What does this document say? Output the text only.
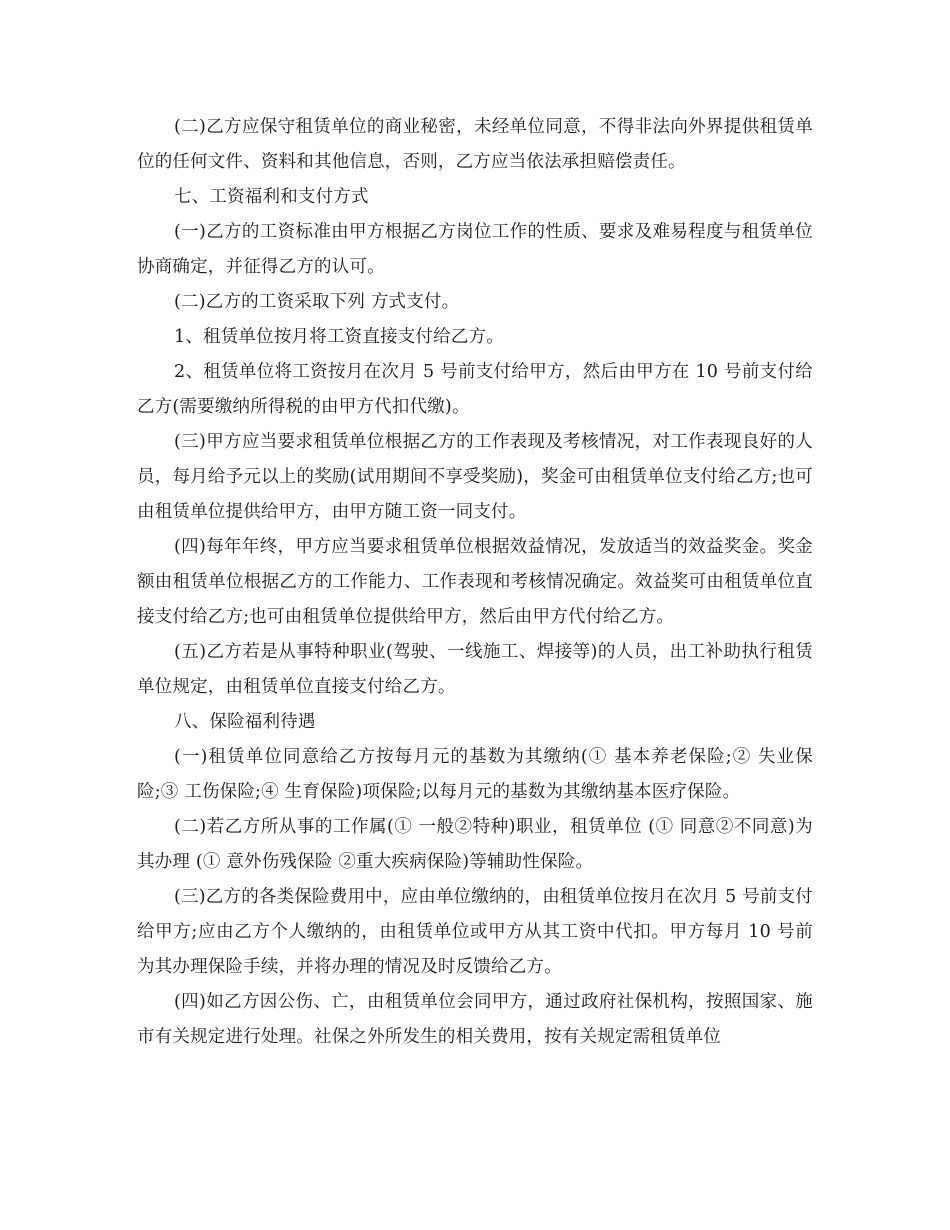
(二)乙方应保守租赁单位的商业秘密，未经单位同意，不得非法向外界提供租赁单位的任何文件、资料和其他信息，否则，乙方应当依法承担赔偿责任。

七、工资福利和支付方式

(一)乙方的工资标准由甲方根据乙方岗位工作的性质、要求及难易程度与租赁单位协商确定，并征得乙方的认可。

(二)乙方的工资采取下列 方式支付。

1、租赁单位按月将工资直接支付给乙方。

2、租赁单位将工资按月在次月 5 号前支付给甲方，然后由甲方在 10 号前支付给乙方(需要缴纳所得税的由甲方代扣代缴)。

(三)甲方应当要求租赁单位根据乙方的工作表现及考核情况，对工作表现良好的人员，每月给予元以上的奖励(试用期间不享受奖励)，奖金可由租赁单位支付给乙方;也可由租赁单位提供给甲方，由甲方随工资一同支付。

(四)每年年终，甲方应当要求租赁单位根据效益情况，发放适当的效益奖金。奖金额由租赁单位根据乙方的工作能力、工作表现和考核情况确定。效益奖可由租赁单位直接支付给乙方;也可由租赁单位提供给甲方，然后由甲方代付给乙方。

(五)乙方若是从事特种职业(驾驶、一线施工、焊接等)的人员，出工补助执行租赁单位规定，由租赁单位直接支付给乙方。

八、保险福利待遇

(一)租赁单位同意给乙方按每月元的基数为其缴纳(① 基本养老保险;② 失业保险;③ 工伤保险;④ 生育保险)项保险;以每月元的基数为其缴纳基本医疗保险。

(二)若乙方所从事的工作属(① 一般②特种)职业，租赁单位 (① 同意②不同意)为其办理 (① 意外伤残保险 ②重大疾病保险)等辅助性保险。

(三)乙方的各类保险费用中，应由单位缴纳的，由租赁单位按月在次月 5 号前支付给甲方;应由乙方个人缴纳的，由租赁单位或甲方从其工资中代扣。甲方每月 10 号前为其办理保险手续，并将办理的情况及时反馈给乙方。

(四)如乙方因公伤、亡，由租赁单位会同甲方，通过政府社保机构，按照国家、施市有关规定进行处理。社保之外所发生的相关费用，按有关规定需租赁单位
